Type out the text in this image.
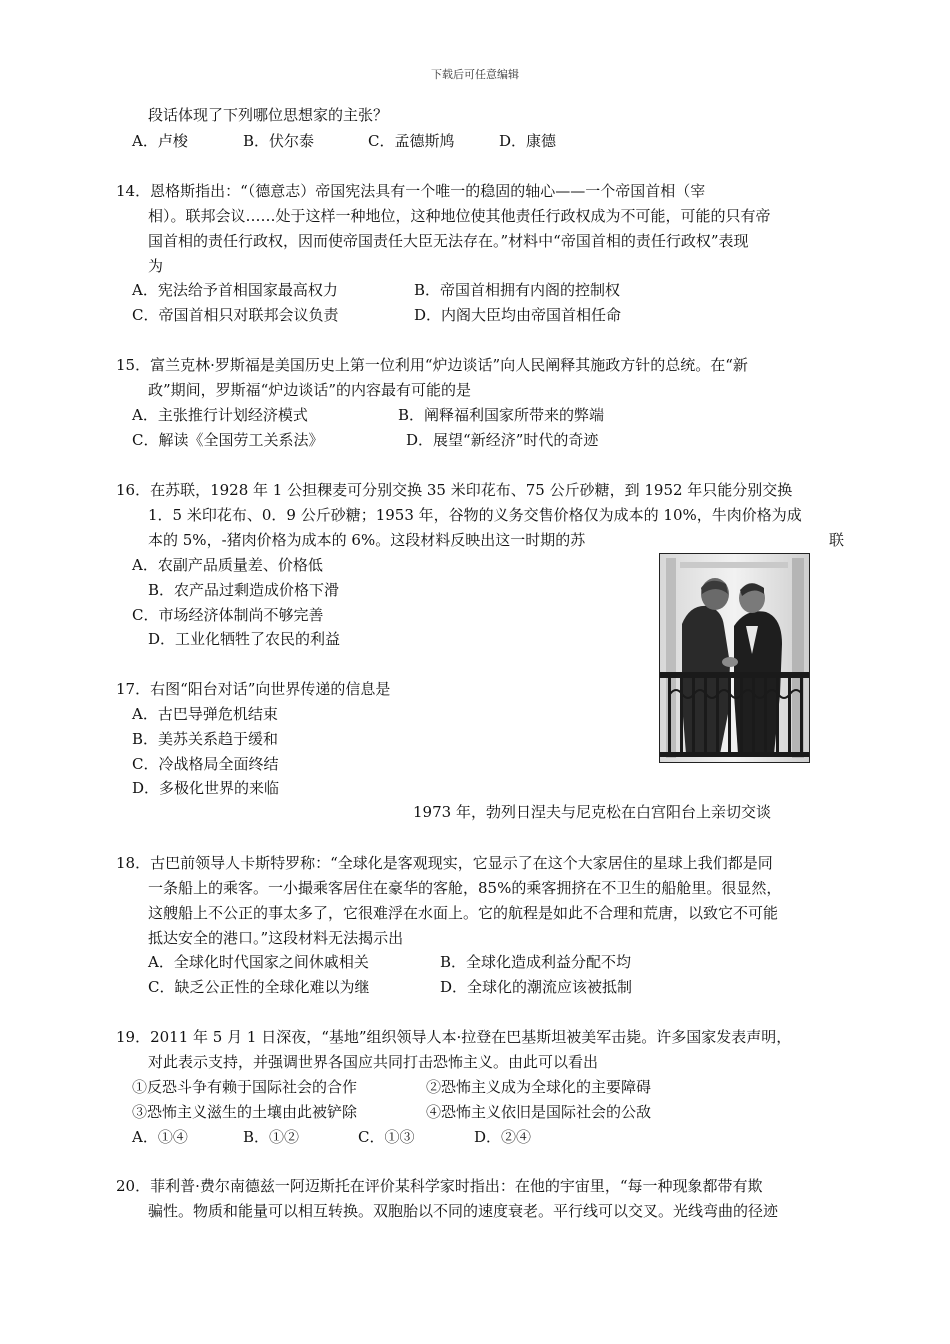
下载后可任意编辑
段话体现了下列哪位思想家的主张？
A．卢梭	B．伏尔泰	C．孟德斯鸠	D．康德
14．恩格斯指出：“（德意志）帝国宪法具有一个唯一的稳固的轴心——一个帝国首相（宰
相）。联邦会议……处于这样一种地位，这种地位使其他责任行政权成为不可能，可能的只有帝
国首相的责任行政权，因而使帝国责任大臣无法存在。”材料中“帝国首相的责任行政权”表现
为
A．宪法给予首相国家最高权力	B．帝国首相拥有内阁的控制权
C．帝国首相只对联邦会议负责	D．内阁大臣均由帝国首相任命
15．富兰克林·罗斯福是美国历史上第一位利用“炉边谈话”向人民阐释其施政方针的总统。在“新
政”期间，罗斯福“炉边谈话”的内容最有可能的是
A．主张推行计划经济模式	B．阐释福利国家所带来的弊端
C．解读《全国劳工关系法》	D．展望“新经济”时代的奇迹
16．在苏联，1928 年 1 公担稞麦可分别交换 35 米印花布、75 公斤砂糖，到 1952 年只能分别交换
1．5 米印花布、0．9 公斤砂糖；1953 年，谷物的义务交售价格仅为成本的 10%，牛肉价格为成
本的 5%，-猪肉价格为成本的 6%。这段材料反映出这一时期的苏	联
A．农副产品质量差、价格低
B．农产品过剩造成价格下滑
C．市场经济体制尚不够完善
D．工业化牺牲了农民的利益
17．右图“阳台对话”向世界传递的信息是
A．古巴导弹危机结束
B．美苏关系趋于缓和
C．冷战格局全面终结
D．多极化世界的来临
1973 年，勃列日涅夫与尼克松在白宫阳台上亲切交谈
18．古巴前领导人卡斯特罗称：“全球化是客观现实，它显示了在这个大家居住的星球上我们都是同
一条船上的乘客。一小撮乘客居住在豪华的客舱，85%的乘客拥挤在不卫生的船舱里。很显然，
这艘船上不公正的事太多了，它很难浮在水面上。它的航程是如此不合理和荒唐，以致它不可能
抵达安全的港口。”这段材料无法揭示出
A．全球化时代国家之间休戚相关	B．全球化造成利益分配不均
C．缺乏公正性的全球化难以为继	D．全球化的潮流应该被抵制
19．2011 年 5 月 1 日深夜，“基地”组织领导人本·拉登在巴基斯坦被美军击毙。许多国家发表声明，
对此表示支持，并强调世界各国应共同打击恐怖主义。由此可以看出
①反恐斗争有赖于国际社会的合作	②恐怖主义成为全球化的主要障碍
③恐怖主义滋生的土壤由此被铲除	④恐怖主义依旧是国际社会的公敌
A．①④	B．①②	C．①③	D．②④
20．菲利普·费尔南德兹一阿迈斯托在评价某科学家时指出：在他的宇宙里，“每一种现象都带有欺
骗性。物质和能量可以相互转换。双胞胎以不同的速度衰老。平行线可以交叉。光线弯曲的径迹
